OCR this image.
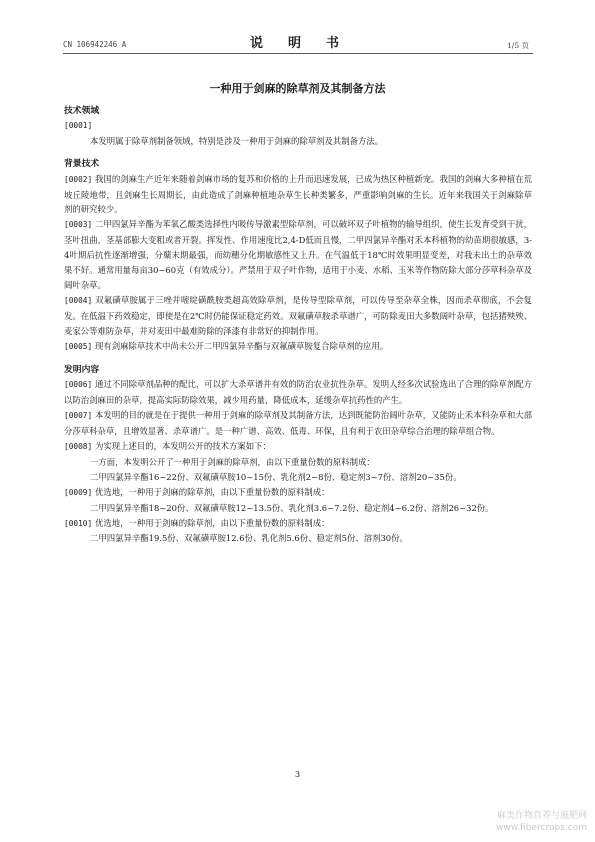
CN 106942246 A	说　明　书	1/5 页
一种用于剑麻的除草剂及其制备方法
技术领域
[0001]

本发明属于除草剂制备领域，特别是涉及一种用于剑麻的除草剂及其制备方法。

背景技术

[0002] 我国的剑麻生产近年来随着剑麻市场的复苏和价格的上升而迅速发展，已成为热区种植新宠。我国的剑麻大多种植在荒坡丘陵地带，且剑麻生长周期长，由此造成了剑麻种植地杂草生长种类繁多，严重影响剑麻的生长。近年来我国关于剑麻除草剂的研究较少。

[0003] 二甲四氯异辛酯为苯氧乙酸类选择性内吸传导激素型除草剂，可以破坏双子叶植物的输导组织，使生长发育受到干扰，茎叶扭曲，茎基部膨大变粗或者开裂。挥发性、作用速度比2,4-D低而且慢，二甲四氯异辛酯对禾本科植物的幼苗期很敏感，3-4叶期后抗性逐渐增强，分蘖末期最强，而幼穗分化期敏感性又上升。在气温低于18℃时效果明显变差，对我未出土的杂草效果不好。通常用量每亩30~60克（有效成分）。严禁用于双子叶作物，适用于小麦、水稻、玉米等作物防除大部分莎草科杂草及阔叶杂草。

[0004] 双氟磺草胺属于三唑并嘧啶磺酰胺类超高效除草剂，是传导型除草剂，可以传导至杂草全株，因而杀草彻底，不会复发。在低温下药效稳定，即使是在2℃时仍能保证稳定药效。双氟磺草胺杀草谱广，可防除麦田大多数阔叶杂草，包括猪殃殃、麦家公等难防杂草，并对麦田中最难防除的泽漆有非常好的抑制作用。

[0005] 现有剑麻除草技术中尚未公开二甲四氯异辛酯与双氟磺草胺复合除草剂的应用。

发明内容

[0006] 通过不同除草剂品种的配比，可以扩大杀草谱并有效的防治农业抗性杂草。发明人经多次试验选出了合理的除草剂配方以防治剑麻田的杂草，提高实际防除效果，减少用药量，降低成本，延缓杂草抗药性的产生。

[0007] 本发明的目的就是在于提供一种用于剑麻的除草剂及其制备方法，达到既能防治阔叶杂草，又能防止禾本科杂草和大部分莎草科杂草，且增效显著、杀草谱广。是一种广谱、高效、低毒、环保，且有利于农田杂草综合治理的除草组合物。

[0008] 为实现上述目的，本发明公开的技术方案如下：

一方面，本发明公开了一种用于剑麻的除草剂，由以下重量份数的原料制成：

二甲四氯异辛酯16~22份、双氟磺草胺10~15份、乳化剂2~8份、稳定剂3~7份、溶剂20~35份。

[0009] 优选地，一种用于剑麻的除草剂，由以下重量份数的原料制成：

二甲四氯异辛酯18~20份、双氟磺草胺12~13.5份、乳化剂3.6~7.2份、稳定剂4~6.2份、溶剂26~32份。

[0010] 优选地，一种用于剑麻的除草剂，由以下重量份数的原料制成：

二甲四氯异辛酯19.5份、双氟磺草胺12.6份、乳化剂5.6份、稳定剂5份、溶剂30份。

3
麻类作物营养与施肥网
www.fibercrops.com
